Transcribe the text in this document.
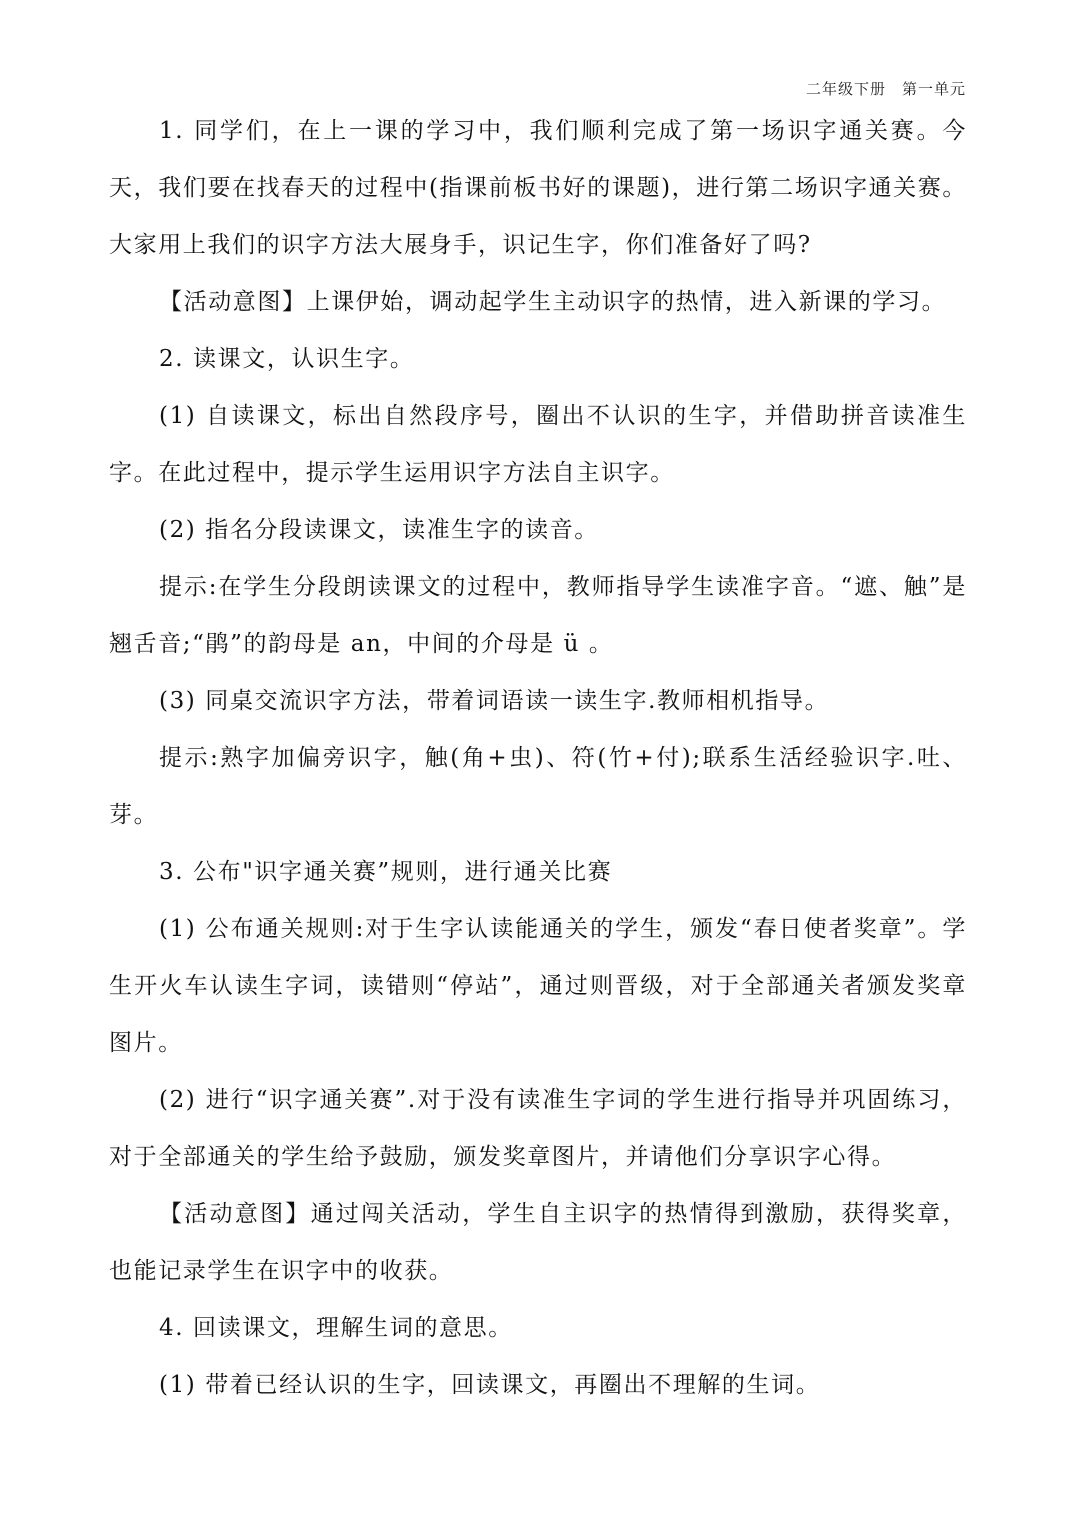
二年级下册　第一单元

1. 同学们，在上一课的学习中，我们顺利完成了第一场识字通关赛。今天，我们要在找春天的过程中(指课前板书好的课题)，进行第二场识字通关赛。大家用上我们的识字方法大展身手，识记生字，你们准备好了吗?

【活动意图】上课伊始，调动起学生主动识字的热情，进入新课的学习。

2. 读课文，认识生字。

(1) 自读课文，标出自然段序号，圈出不认识的生字，并借助拼音读准生字。在此过程中，提示学生运用识字方法自主识字。

(2) 指名分段读课文，读准生字的读音。

提示:在学生分段朗读课文的过程中，教师指导学生读准字音。“遮、触”是翘舌音;“鹃”的韵母是 an，中间的介母是 ü 。

(3) 同桌交流识字方法，带着词语读一读生字.教师相机指导。

提示:熟字加偏旁识字，触(角+虫)、符(竹+付);联系生活经验识字.吐、芽。

3. 公布"识字通关赛”规则，进行通关比赛

(1) 公布通关规则:对于生字认读能通关的学生，颁发“春日使者奖章”。学生开火车认读生字词，读错则“停站”，通过则晋级，对于全部通关者颁发奖章图片。

(2) 进行“识字通关赛”.对于没有读准生字词的学生进行指导并巩固练习，对于全部通关的学生给予鼓励，颁发奖章图片，并请他们分享识字心得。

【活动意图】通过闯关活动，学生自主识字的热情得到激励，获得奖章，也能记录学生在识字中的收获。

4. 回读课文，理解生词的意思。

(1) 带着已经认识的生字，回读课文，再圈出不理解的生词。
